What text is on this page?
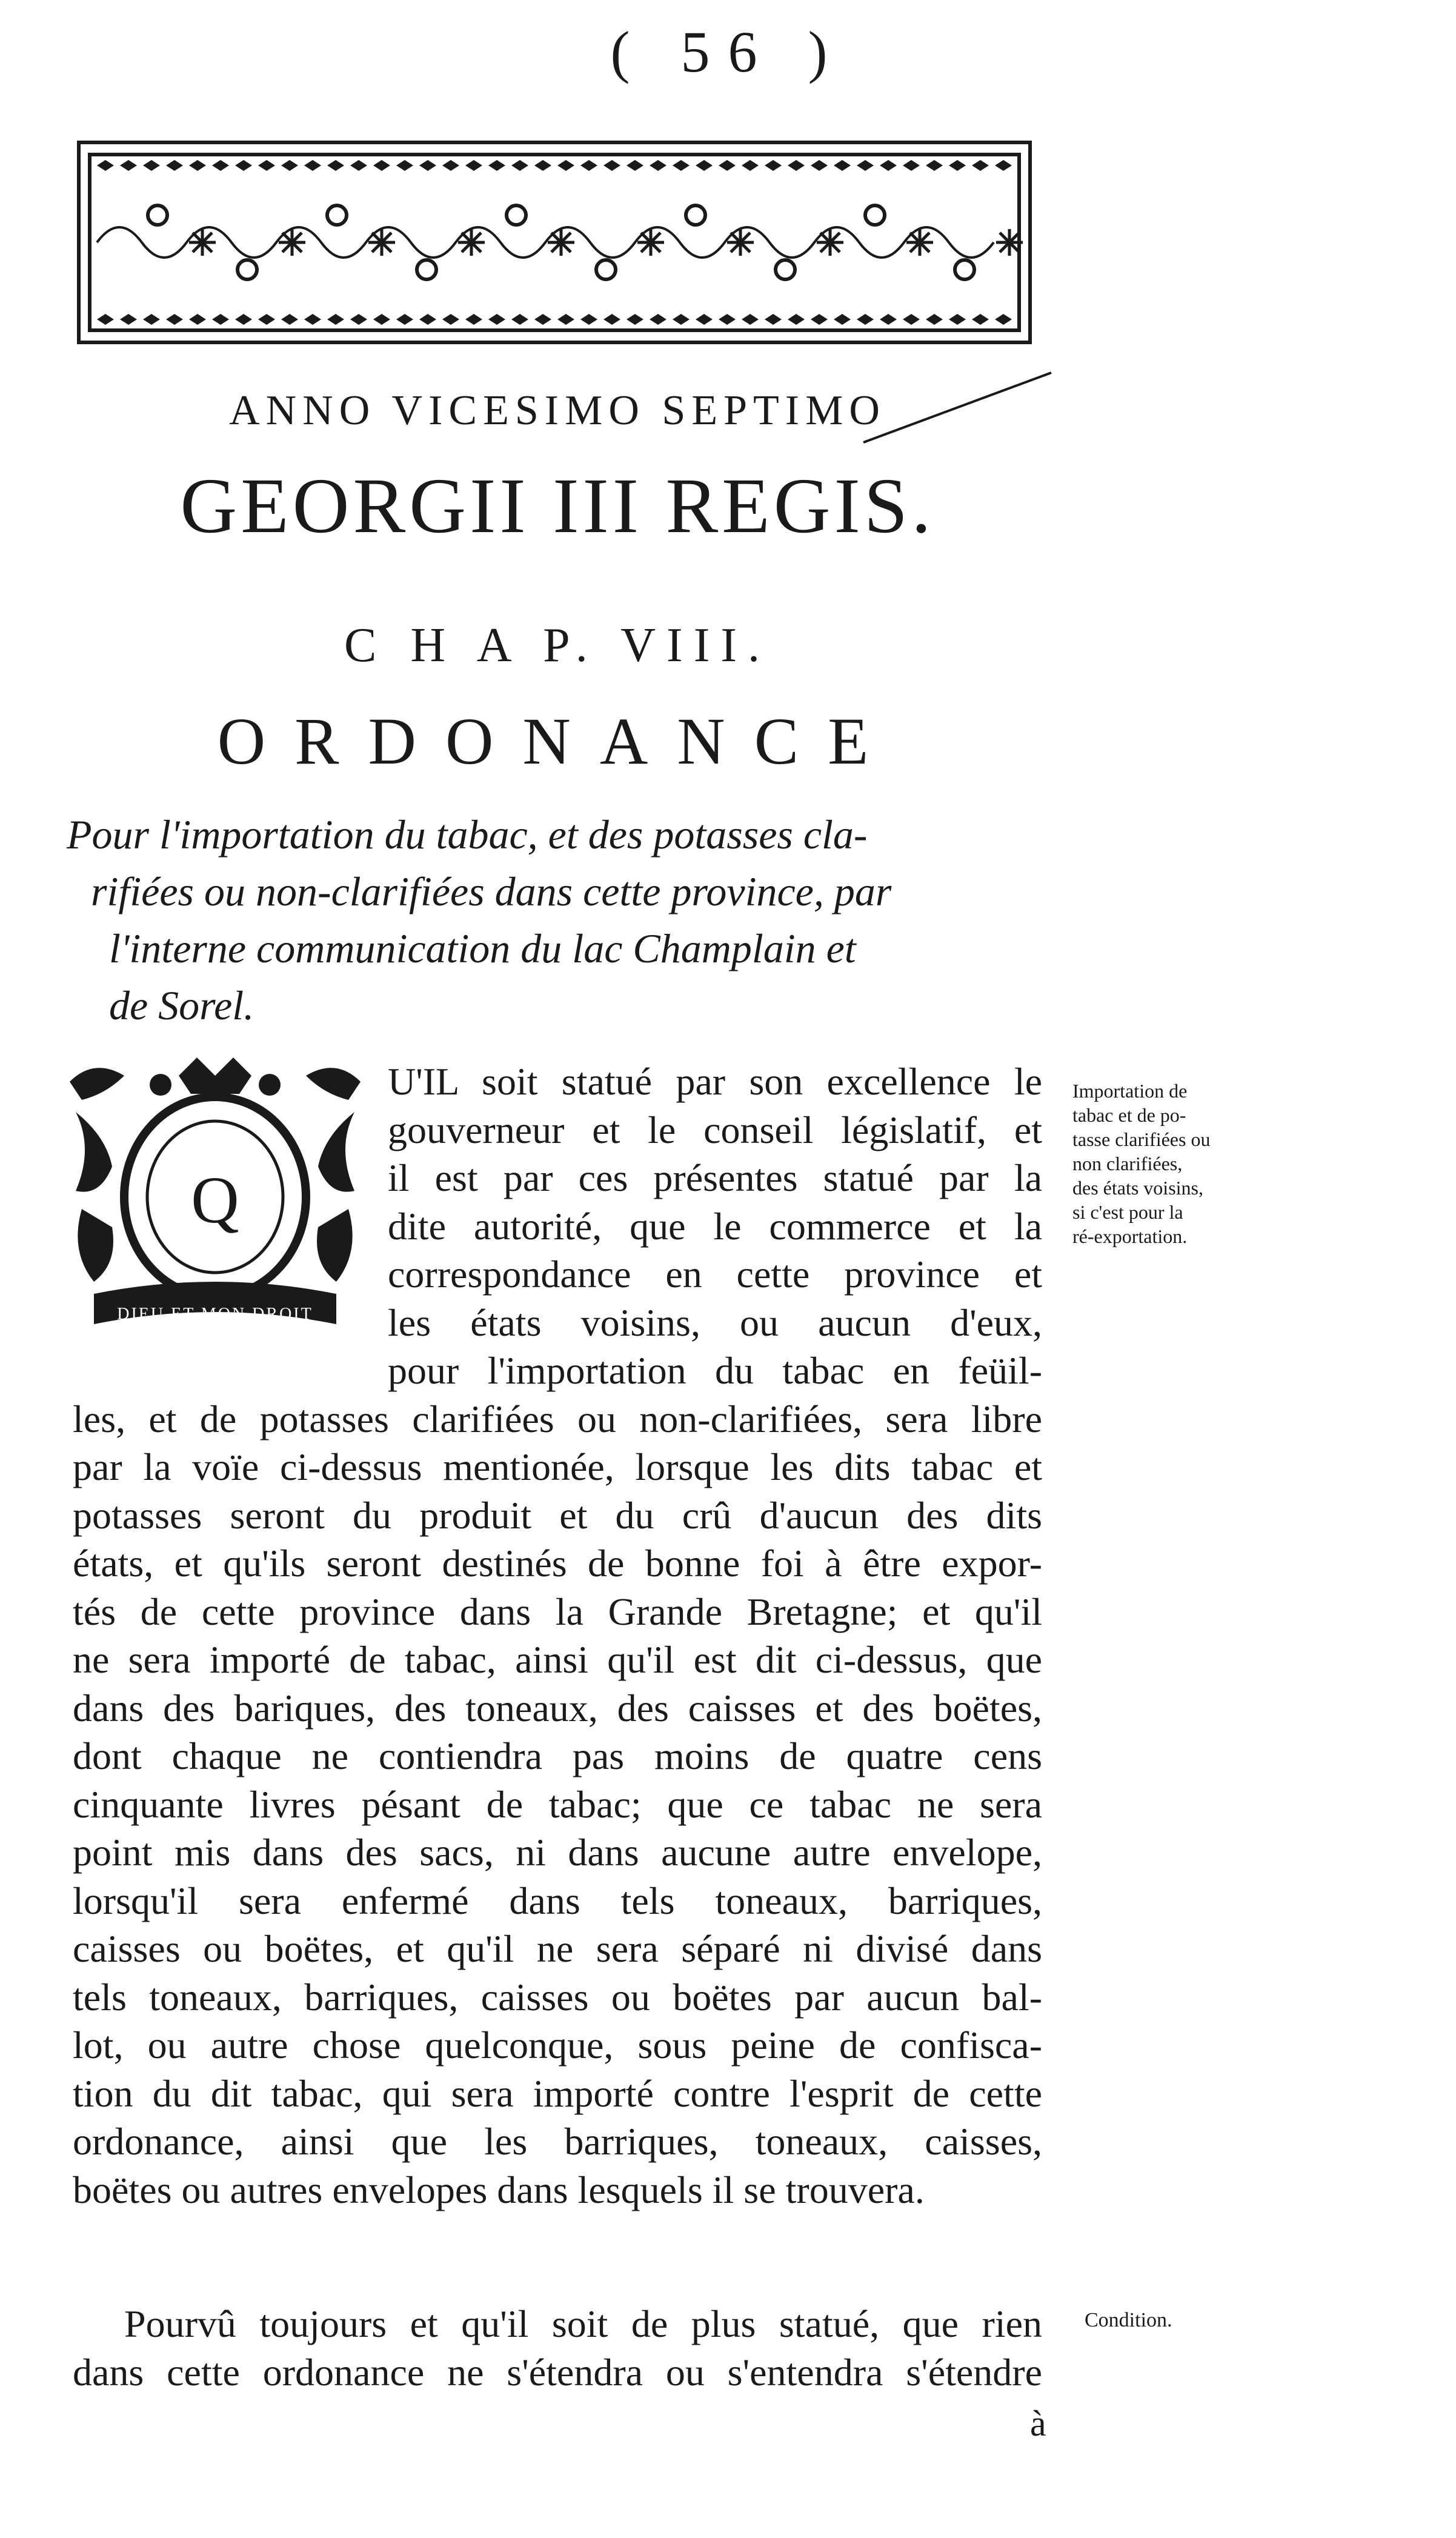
( 56 )
ANNO VICESIMO SEPTIMO
GEORGII III REGIS.
C H A P. VIII.
ORDONANCE
Pour l'importation du tabac, et des potasses cla-
rifiées ou non-clarifiées dans cette province, par
l'interne communication du lac Champlain et
de Sorel.
Q
DIEU ET MON DROIT
U'IL soit statué par son excellence le
gouverneur et le conseil législatif, et
il est par ces présentes statué par la
dite autorité, que le commerce et la
correspondance en cette province et
les états voisins, ou aucun d'eux,
pour l'importation du tabac en feüil-
les, et de potasses clarifiées ou non-clarifiées, sera libre
par la voïe ci-dessus mentionée, lorsque les dits tabac et
potasses seront du produit et du crû d'aucun des dits
états, et qu'ils seront destinés de bonne foi à être expor-
tés de cette province dans la Grande Bretagne; et qu'il
ne sera importé de tabac, ainsi qu'il est dit ci-dessus, que
dans des bariques, des toneaux, des caisses et des boëtes,
dont chaque ne contiendra pas moins de quatre cens
cinquante livres pésant de tabac; que ce tabac ne sera
point mis dans des sacs, ni dans aucune autre envelope,
lorsqu'il sera enfermé dans tels toneaux, barriques,
caisses ou boëtes, et qu'il ne sera séparé ni divisé dans
tels toneaux, barriques, caisses ou boëtes par aucun bal-
lot, ou autre chose quelconque, sous peine de confisca-
tion du dit tabac, qui sera importé contre l'esprit de cette
ordonance, ainsi que les barriques, toneaux, caisses,
boëtes ou autres envelopes dans lesquels il se trouvera.
Pourvû toujours et qu'il soit de plus statué, que rien
dans cette ordonance ne s'étendra ou s'entendra s'étendre
Importation de
tabac et de po-
tasse clarifiées ou
non clarifiées,
des états voisins,
si c'est pour la
ré-exportation.
Condition.
à
